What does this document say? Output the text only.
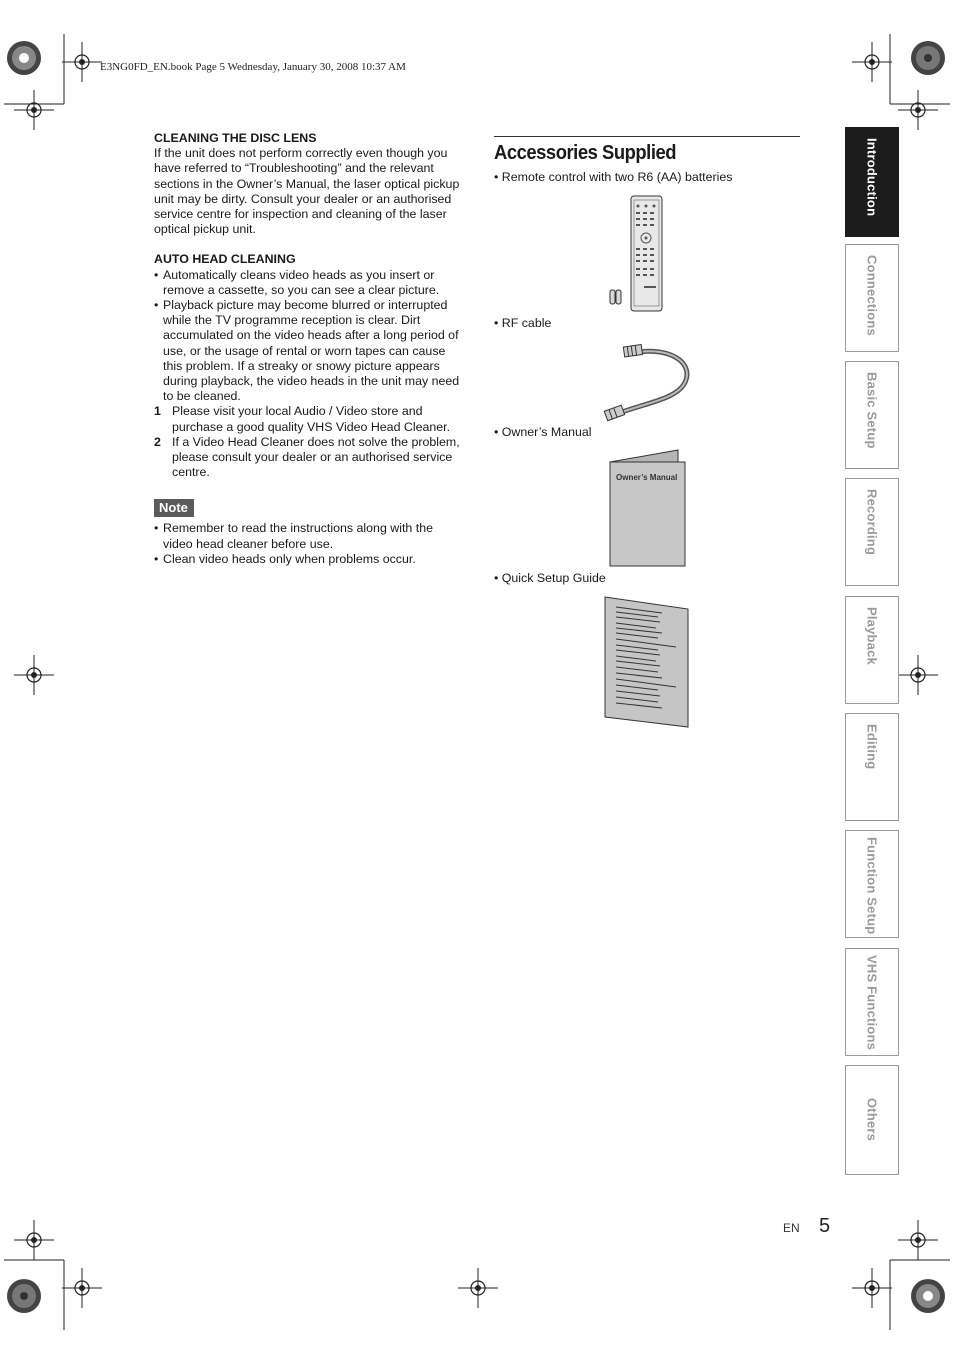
E3NG0FD_EN.book Page 5 Wednesday, January 30, 2008 10:37 AM

CLEANING THE DISC LENS

If the unit does not perform correctly even though you have referred to “Troubleshooting” and the relevant sections in the Owner’s Manual, the laser optical pickup unit may be dirty. Consult your dealer or an authorised service centre for inspection and cleaning of the laser optical pickup unit.

AUTO HEAD CLEANING

• Automatically cleans video heads as you insert or remove a cassette, so you can see a clear picture.
• Playback picture may become blurred or interrupted while the TV programme reception is clear. Dirt accumulated on the video heads after a long period of use, or the usage of rental or worn tapes can cause this problem. If a streaky or snowy picture appears during playback, the video heads in the unit may need to be cleaned.
1 Please visit your local Audio / Video store and purchase a good quality VHS Video Head Cleaner.
2 If a Video Head Cleaner does not solve the problem, please consult your dealer or an authorised service centre.
Note
• Remember to read the instructions along with the video head cleaner before use.
• Clean video heads only when problems occur.
Accessories Supplied
• Remote control with two R6 (AA) batteries
• RF cable
• Owner’s Manual
• Quick Setup Guide
Owner’s Manual
Introduction
Connections
Basic Setup
Recording
Playback
Editing
Function Setup
VHS Functions
Others
EN 5
